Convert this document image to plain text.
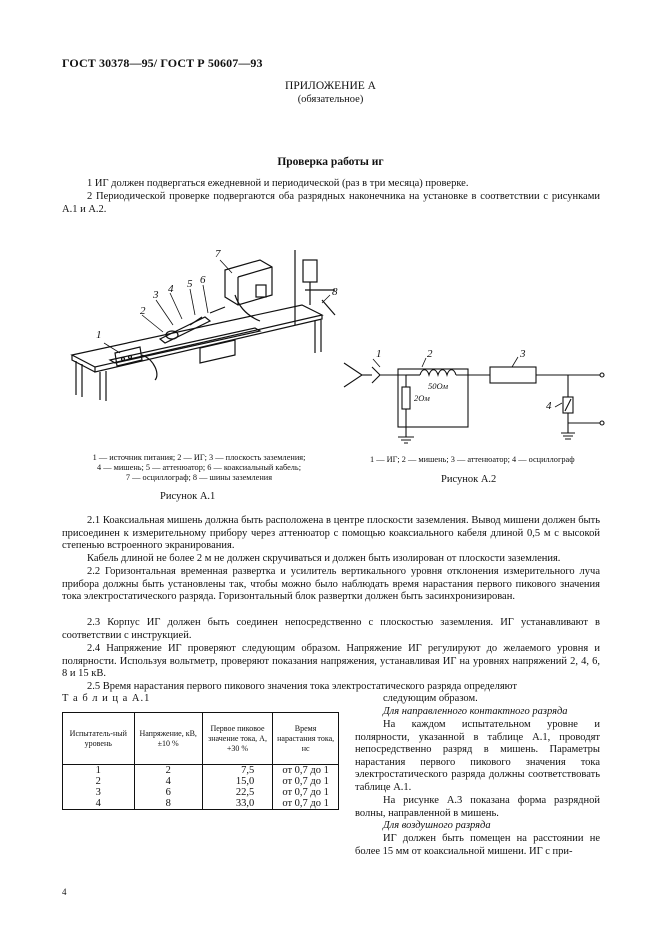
ГОСТ 30378—95/ ГОСТ Р 50607—93
ПРИЛОЖЕНИЕ А
(обязательное)
Проверка работы иг
1 ИГ должен подвергаться ежедневной и периодической (раз в три месяца) проверке.
2 Периодической проверке подвергаются оба разрядных наконечника на установке в соответствии с рисунками А.1 и А.2.
1
2
3 4 5 6
7
8
1	2	3
4
50Ом
2Ом
1 — источник питания; 2 — ИГ; 3 — плоскость заземления;
4 — мишень; 5 — аттенюатор; 6 — коаксиальный кабель;
7 — осциллограф; 8 — шины заземления
Рисунок А.1
1 — ИГ; 2 — мишень; 3 — аттенюатор; 4 — осциллограф
Рисунок А.2
2.1 Коаксиальная мишень должна быть расположена в центре плоскости заземления. Вывод мишени должен быть присоединен к измерительному прибору через аттенюатор с помощью коаксиального кабеля длиной 0,5 м с высокой степенью встроенного экранирования.
Кабель длиной не более 2 м не должен скручиваться и должен быть изолирован от плоскости заземления.
2.2 Горизонтальная временная развертка и усилитель вертикального уровня отклонения измерительного луча прибора должны быть установлены так, чтобы можно было наблюдать время нарастания первого пикового значения тока электростатического разряда. Горизонтальный блок развертки должен быть засинхронизирован.
2.3 Корпус ИГ должен быть соединен непосредственно с плоскостью заземления. ИГ устанавливают в соответствии с инструкцией.
2.4 Напряжение ИГ проверяют следующим образом. Напряжение ИГ регулируют до желаемого уровня и полярности. Используя вольтметр, проверяют показания напряжения, устанавливая ИГ на уровнях напряжений 2, 4, 6, 8 и 15 кВ.
2.5 Время нарастания первого пикового значения тока электростатического разряда определяют
Т а б л и ц а А.1
Испытатель-ный уровень	Напряжение, кВ, ±10 %	Первое пиковое значение тока, А, +30 %	Время нарастания тока, нс
1	2	7,5	от 0,7 до 1
2	4	15,0	от 0,7 до 1
3	6	22,5	от 0,7 до 1
4	8	33,0	от 0,7 до 1
следующим образом.
Для направленного контактного разряда
На каждом испытательном уровне и полярности, указанной в таблице А.1, проводят непосредственно разряд в мишень. Параметры нарастания первого пикового значения тока электростатического разряда должны соответствовать таблице А.1.
На рисунке А.3 показана форма разрядной волны, направленной в мишень.
Для воздушного разряда
ИГ должен быть помещен на расстоянии не более 15 мм от коаксиальной мишени. ИГ с при-
4
